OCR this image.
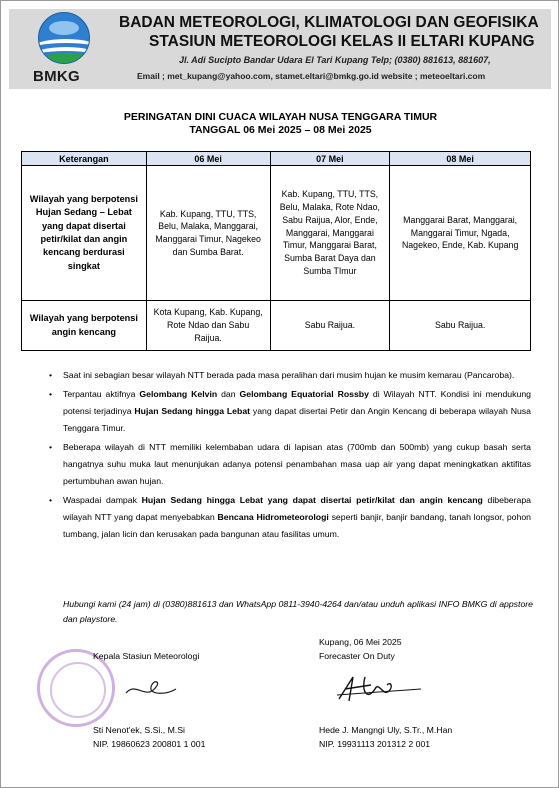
BMKG
BADAN METEOROLOGI, KLIMATOLOGI DAN GEOFISIKA
STASIUN METEOROLOGI KELAS II ELTARI KUPANG
Jl. Adi Sucipto Bandar Udara El Tari Kupang Telp; (0380) 881613, 881607,
Email ; met_kupang@yahoo.com, stamet.eltari@bmkg.go.id website ; meteoeltari.com
PERINGATAN DINI CUACA WILAYAH NUSA TENGGARA TIMUR
TANGGAL 06 Mei 2025 – 08 Mei 2025
Keterangan	06 Mei	07 Mei	08 Mei
Wilayah yang berpotensi Hujan Sedang – Lebat yang dapat disertai petir/kilat dan angin kencang berdurasi singkat	Kab. Kupang, TTU, TTS, Belu, Malaka, Manggarai, Manggarai Timur, Nagekeo dan Sumba Barat.	Kab. Kupang, TTU, TTS, Belu, Malaka, Rote Ndao, Sabu Raijua, Alor, Ende, Manggarai, Manggarai Timur, Manggarai Barat, Sumba Barat Daya dan Sumba TImur	Manggarai Barat, Manggarai, Manggarai Timur, Ngada, Nagekeo, Ende, Kab. Kupang
Wilayah yang berpotensi angin kencang	Kota Kupang, Kab. Kupang, Rote Ndao dan Sabu Raijua.	Sabu Raijua.	Sabu Raijua.
• Saat ini sebagian besar wilayah NTT berada pada masa peralihan dari musim hujan ke musim kemarau (Pancaroba).
• Terpantau aktifnya Gelombang Kelvin dan Gelombang Equatorial Rossby di Wilayah NTT. Kondisi ini mendukung potensi terjadinya Hujan Sedang hingga Lebat yang dapat disertai Petir dan Angin Kencang di beberapa wilayah Nusa Tenggara Timur.
• Beberapa wilayah di NTT memiliki kelembaban udara di lapisan atas (700mb dan 500mb) yang cukup basah serta hangatnya suhu muka laut menunjukan adanya potensi penambahan masa uap air yang dapat meningkatkan aktifitas pertumbuhan awan hujan.
• Waspadai dampak Hujan Sedang hingga Lebat yang dapat disertai petir/kilat dan angin kencang dibeberapa wilayah NTT yang dapat menyebabkan Bencana Hidrometeorologi seperti banjir, banjir bandang, tanah longsor, pohon tumbang, jalan licin dan kerusakan pada bangunan atau fasilitas umum.
Hubungi kami (24 jam) di (0380)881613 dan WhatsApp 0811-3940-4264 dan/atau unduh aplikasi INFO BMKG di appstore dan playstore.
Kepala Stasiun Meteorologi
Sti Nenot'ek, S.Si., M.Si
NIP. 19860623 200801 1 001
Kupang, 06 Mei 2025
Forecaster On Duty
Hede J. Mangngi Uly, S.Tr., M.Han
NIP. 19931113 201312 2 001
